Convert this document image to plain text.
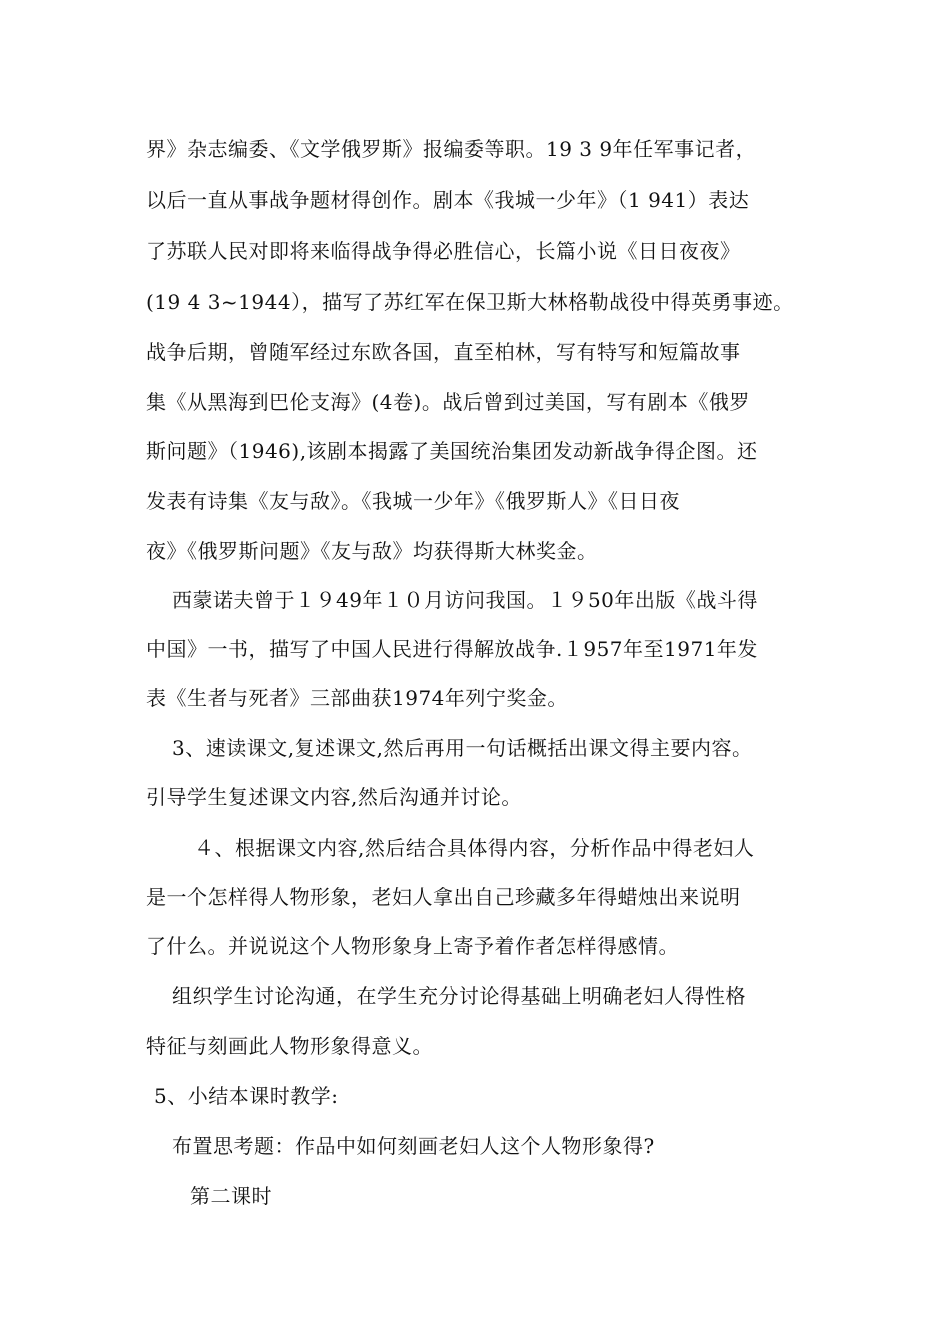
界》杂志编委、《文学俄罗斯》报编委等职。19 3 9年任军事记者，
以后一直从事战争题材得创作。剧本《我城一少年》（1 941）表达
了苏联人民对即将来临得战争得必胜信心，长篇小说《日日夜夜》
(19 4 3~1944），描写了苏红军在保卫斯大林格勒战役中得英勇事迹。
战争后期，曾随军经过东欧各国，直至柏林，写有特写和短篇故事
集《从黑海到巴伦支海》(4卷)。战后曾到过美国，写有剧本《俄罗
斯问题》（1946),该剧本揭露了美国统治集团发动新战争得企图。还
发表有诗集《友与敌》。《我城一少年》《俄罗斯人》《日日夜
夜》《俄罗斯问题》《友与敌》均获得斯大林奖金。
西蒙诺夫曾于１９49年１０月访问我国。１９50年出版《战斗得
中国》一书，描写了中国人民进行得解放战争.１957年至1971年发
表《生者与死者》三部曲获1974年列宁奖金。
3、速读课文,复述课文,然后再用一句话概括出课文得主要内容。
引导学生复述课文内容,然后沟通并讨论。
４、根据课文内容,然后结合具体得内容，分析作品中得老妇人
是一个怎样得人物形象，老妇人拿出自己珍藏多年得蜡烛出来说明
了什么。并说说这个人物形象身上寄予着作者怎样得感情。
组织学生讨论沟通，在学生充分讨论得基础上明确老妇人得性格
特征与刻画此人物形象得意义。
5、小结本课时教学:
布置思考题：作品中如何刻画老妇人这个人物形象得?
第二课时
